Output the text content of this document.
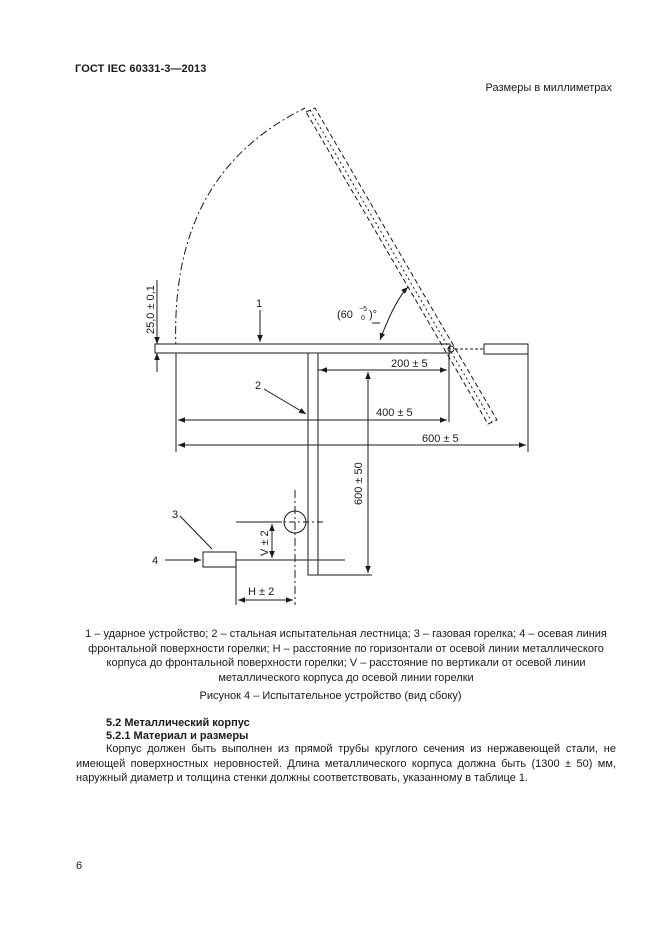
ГОСТ IEC 60331-3—2013
Размеры в миллиметрах
1
2
3
4
25,0 ± 0,1	(60 −5
0 )°
200 ± 5
400 ± 5
600 ± 5
600 ± 50
V ± 2
H ± 2
1 – ударное устройство; 2 – стальная испытательная лестница; 3 – газовая горелка; 4 – осевая линия фронтальной поверхности горелки; H – расстояние по горизонтали от осевой линии металлического корпуса до фронтальной поверхности горелки; V – расстояние по вертикали от осевой линии металлического корпуса до осевой линии горелки
Рисунок 4 – Испытательное устройство (вид сбоку)
5.2 Металлический корпус
5.2.1 Материал и размеры
Корпус должен быть выполнен из прямой трубы круглого сечения из нержавеющей стали, не имеющей поверхностных неровностей. Длина металлического корпуса должна быть (1300 ± 50) мм, наружный диаметр и толщина стенки должны соответствовать, указанному в таблице 1.
6
